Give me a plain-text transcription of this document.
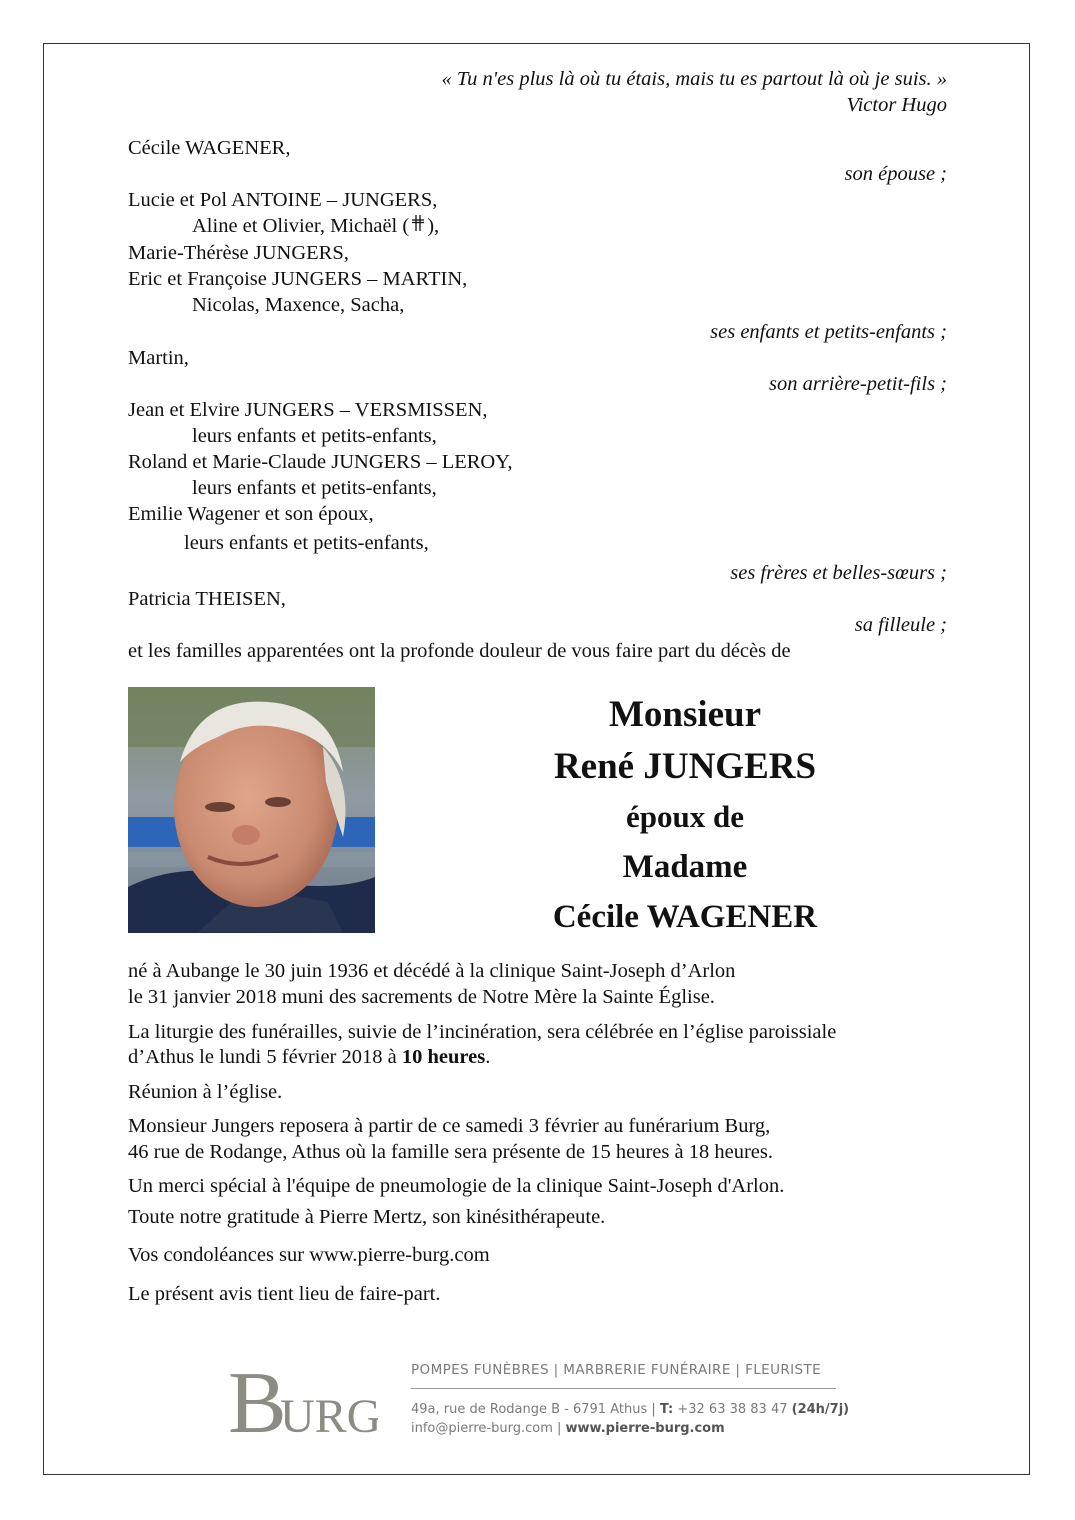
« Tu n'es plus là où tu étais, mais tu es partout là où je suis. »
Victor Hugo
Cécile WAGENER,
son épouse ;
Lucie et Pol ANTOINE – JUNGERS,
Aline et Olivier, Michaël ( ),
Marie-Thérèse JUNGERS,
Eric et Françoise JUNGERS – MARTIN,
Nicolas, Maxence, Sacha,
ses enfants et petits-enfants ;
Martin,
son arrière-petit-fils ;
Jean et Elvire JUNGERS – VERSMISSEN,
leurs enfants et petits-enfants,
Roland et Marie-Claude JUNGERS – LEROY,
leurs enfants et petits-enfants,
Emilie Wagener et son époux,
leurs enfants et petits-enfants,
ses frères et belles-sœurs ;
Patricia THEISEN,
sa filleule ;
et les familles apparentées ont la profonde douleur de vous faire part du décès de
Monsieur
René JUNGERS
époux de
Madame
Cécile WAGENER
né à Aubange le 30 juin 1936 et décédé à la clinique Saint-Joseph d’Arlon
le 31 janvier 2018 muni des sacrements de Notre Mère la Sainte Église.
La liturgie des funérailles, suivie de l’incinération, sera célébrée en l’église paroissiale
d’Athus le lundi 5 février 2018 à 10 heures.
Réunion à l’église.
Monsieur Jungers reposera à partir de ce samedi 3 février au funérarium Burg,
46 rue de Rodange, Athus où la famille sera présente de 15 heures à 18 heures.
Un merci spécial à l'équipe de pneumologie de la clinique Saint-Joseph d'Arlon.
Toute notre gratitude à Pierre Mertz, son kinésithérapeute.
Vos condoléances sur www.pierre-burg.com
Le présent avis tient lieu de faire-part.
B
URG
POMPES FUNÈBRES | MARBRERIE FUNÉRAIRE | FLEURISTE
49a, rue de Rodange B - 6791 Athus | T: +32 63 38 83 47 (24h/7j)
info@pierre-burg.com | www.pierre-burg.com
